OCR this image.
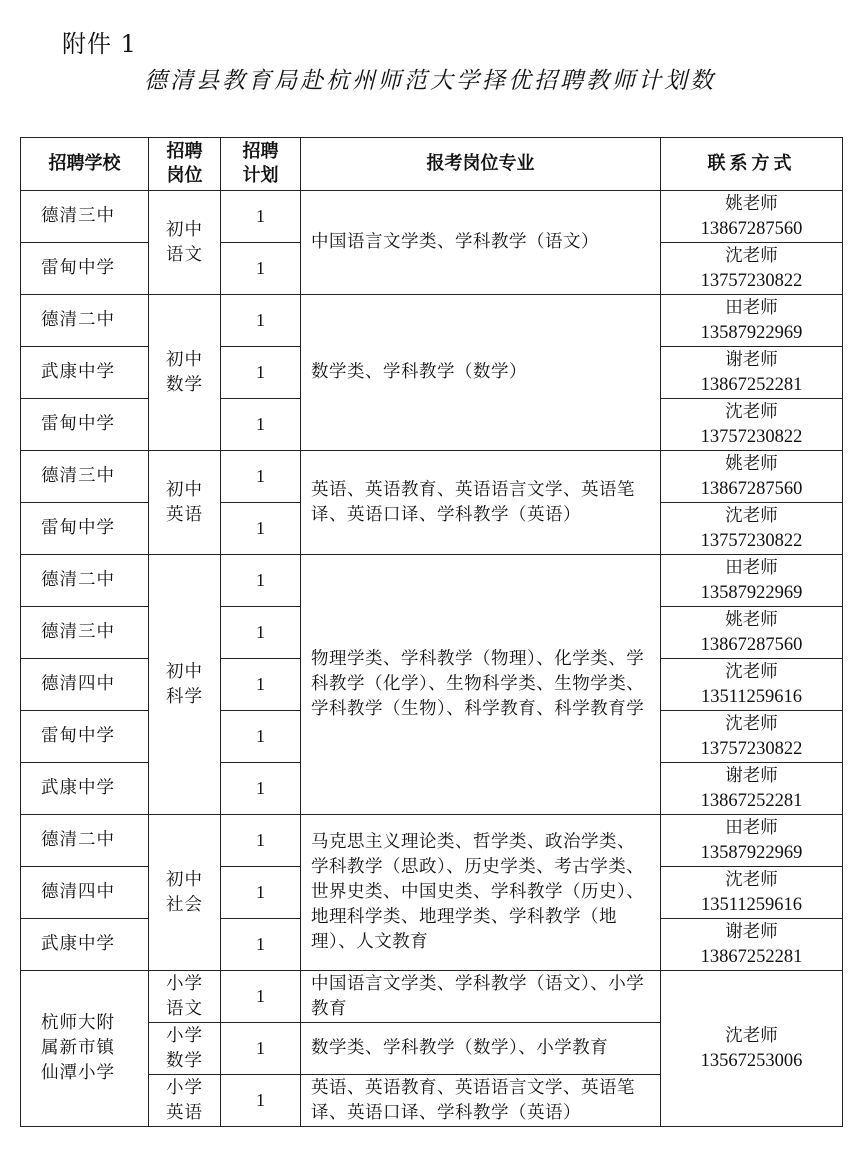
附件 1
德清县教育局赴杭州师范大学择优招聘教师计划数
招聘学校	招聘岗位	招聘计划	报考岗位专业	联系方式
德清三中	初中语文	1	中国语言文学类、学科教学（语文）	姚老师
13867287560

雷甸中学		1		沈老师
13757230822

德清二中	初中数学	1	数学类、学科教学（数学）	田老师
13587922969

武康中学		1		谢老师
13867252281

雷甸中学		1		沈老师
13757230822

德清三中	初中英语	1	英语、英语教育、英语语言文学、英语笔译、英语口译、学科教学（英语）	姚老师
13867287560

雷甸中学		1		沈老师
13757230822

德清二中	初中科学	1	物理学类、学科教学（物理）、化学类、学科教学（化学）、生物科学类、生物学类、学科教学（生物）、科学教育、科学教育学	田老师
13587922969

德清三中		1		姚老师
13867287560

德清四中		1		沈老师
13511259616

雷甸中学		1		沈老师
13757230822

武康中学		1		谢老师
13867252281

德清二中	初中社会	1	马克思主义理论类、哲学类、政治学类、学科教学（思政）、历史学类、考古学类、世界史类、中国史类、学科教学（历史）、地理科学类、地理学类、学科教学（地理）、人文教育	田老师
13587922969

德清四中		1		沈老师
13511259616

武康中学		1		谢老师
13867252281

杭师大附属新市镇仙潭小学	小学语文	1	中国语言文学类、学科教学（语文）、小学教育	沈老师
13567253006

	小学数学	1	数学类、学科教学（数学）、小学教育	

	小学英语	1	英语、英语教育、英语语言文学、英语笔译、英语口译、学科教学（英语）	
